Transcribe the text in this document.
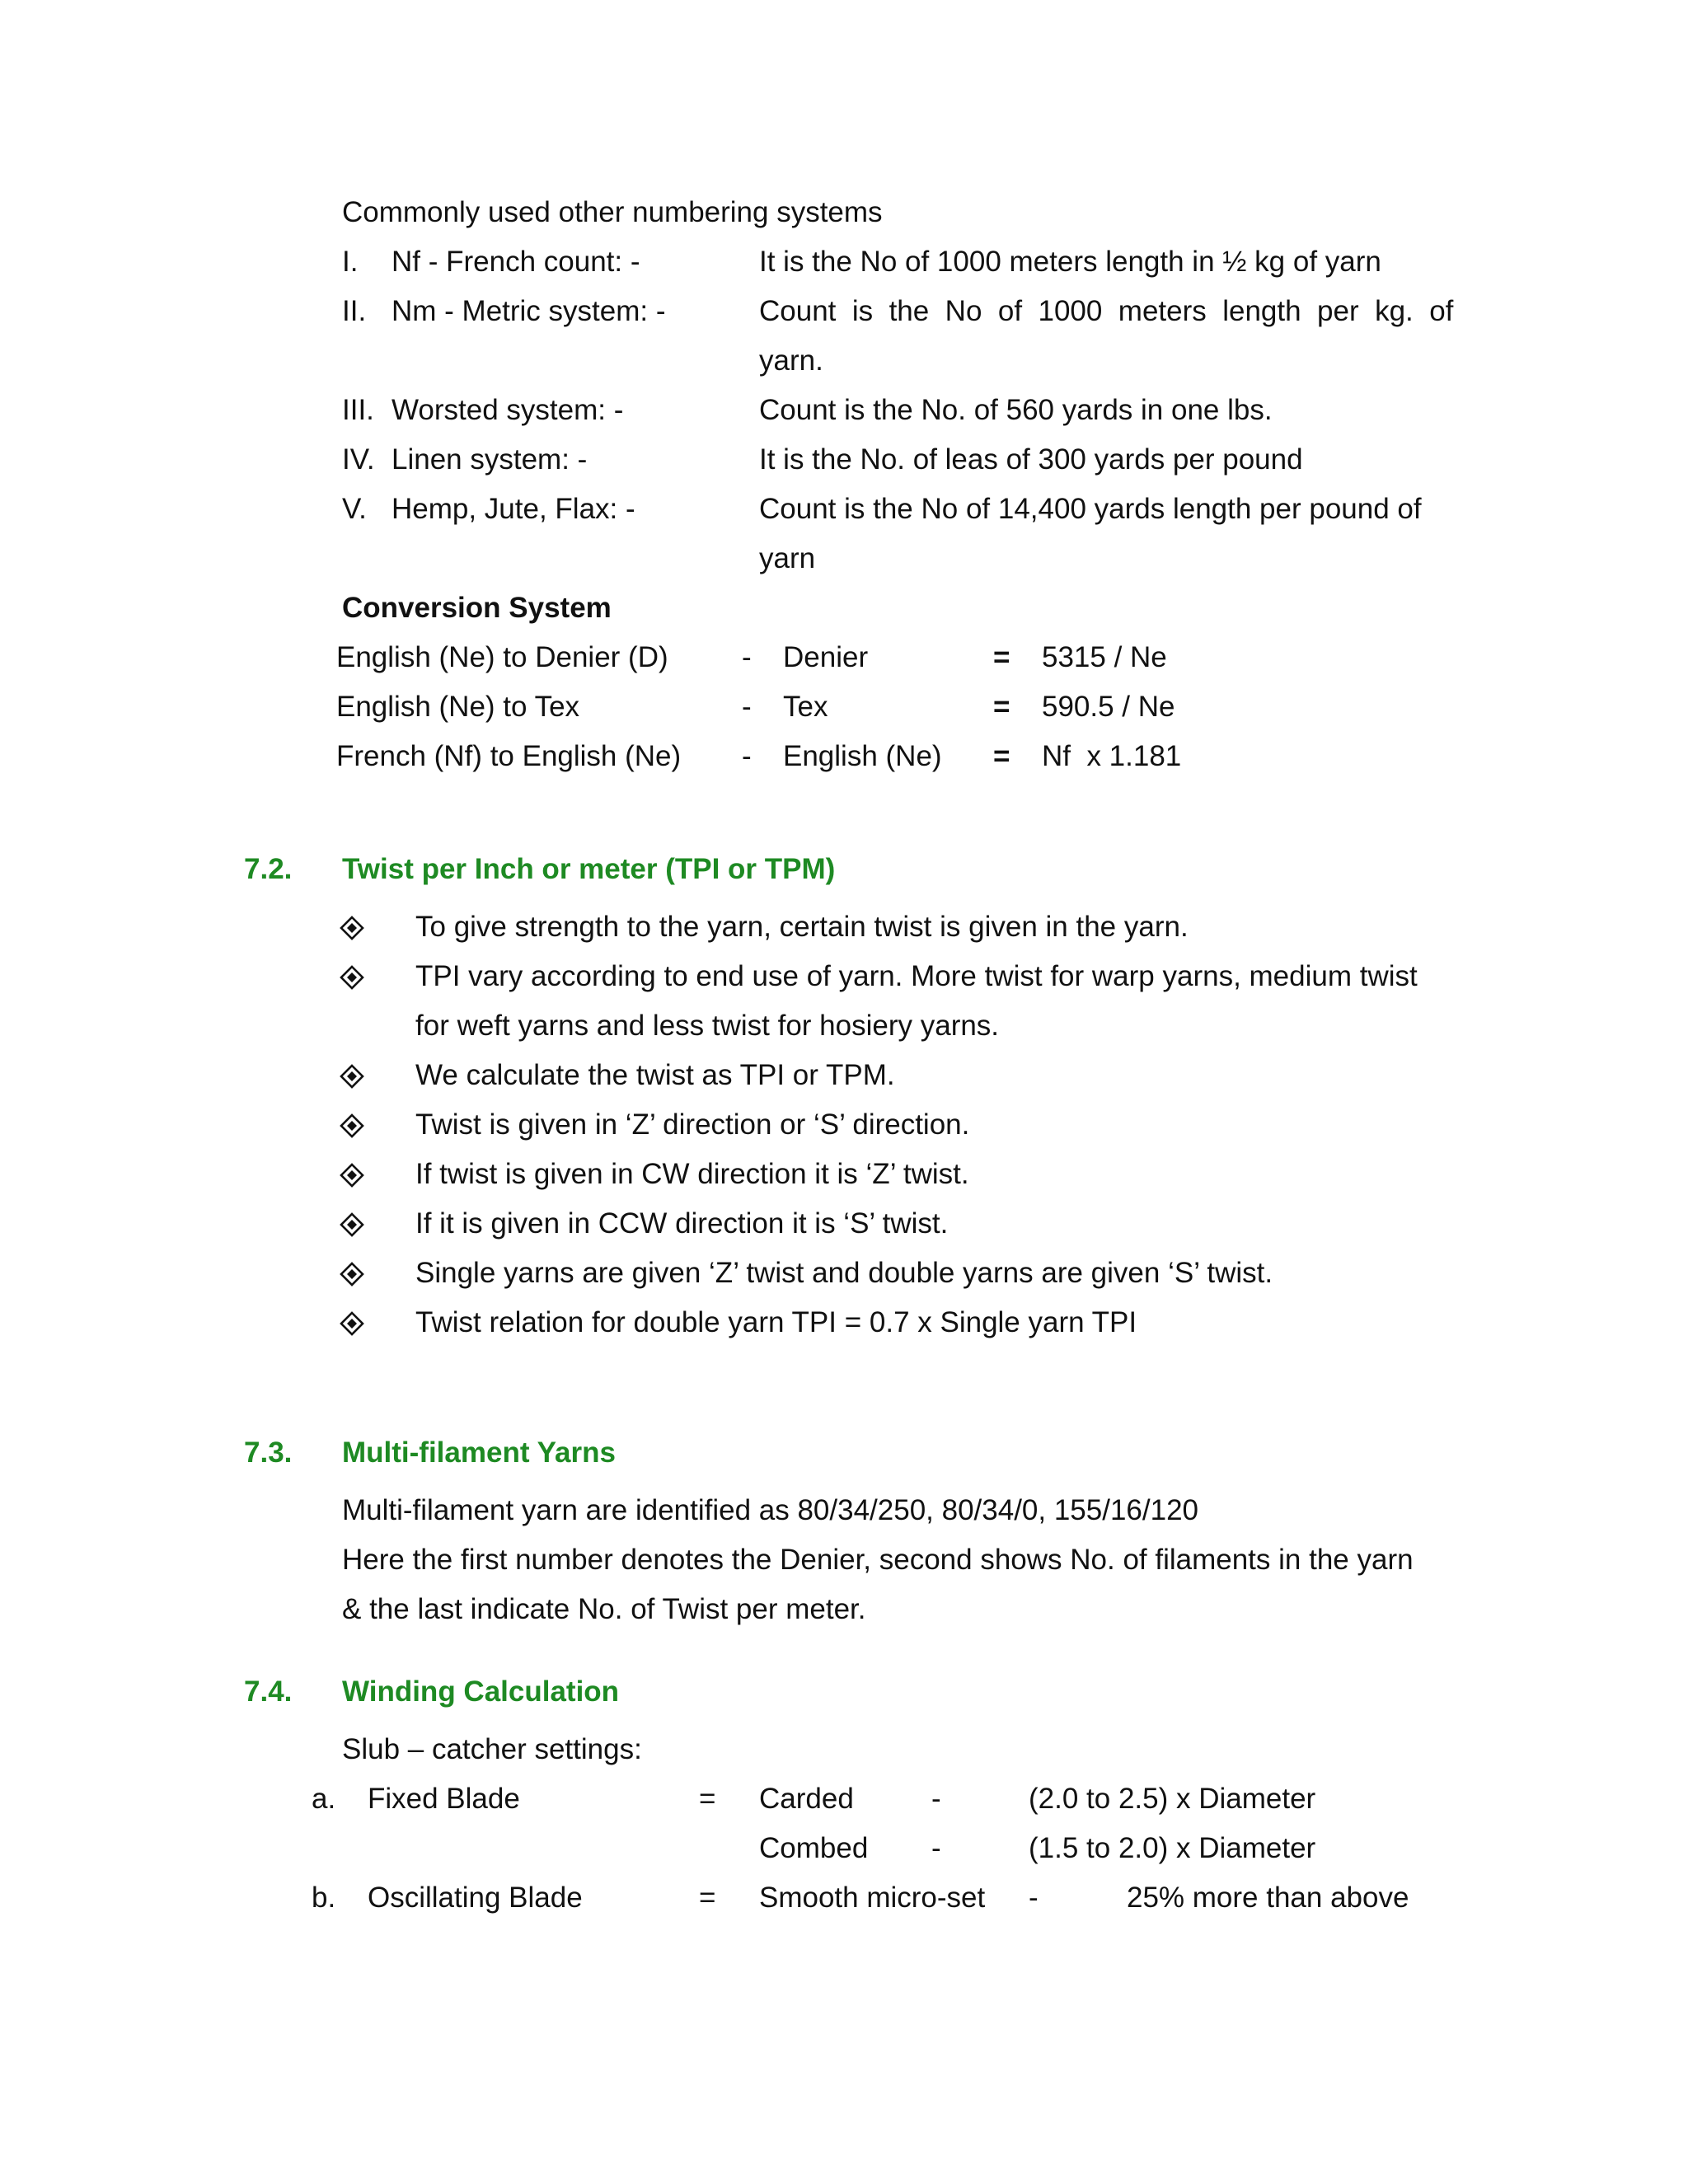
Commonly used other numbering systems
I. Nf - French count: -	It is the No of 1000 meters length in ½ kg of yarn
II. Nm - Metric system: -	Count  is  the  No  of  1000  meters  length  per  kg.  of
yarn.
III. Worsted system: -	Count is the No. of 560 yards in one lbs.
IV. Linen system: -	It is the No. of leas of 300 yards per pound
V. Hemp, Jute, Flax: -	Count is the No of 14,400 yards length per pound of
yarn
Conversion System
English (Ne) to Denier (D)	- Denier	= 5315 / Ne
English (Ne) to Tex	- Tex	= 590.5 / Ne
French (Nf) to English (Ne) - English (Ne) = Nf  x 1.181
7.2. Twist per Inch or meter (TPI or TPM)
To give strength to the yarn, certain twist is given in the yarn.
TPI vary according to end use of yarn. More twist for warp yarns, medium twist
for weft yarns and less twist for hosiery yarns.
We calculate the twist as TPI or TPM.
Twist is given in ‘Z’ direction or ‘S’ direction.
If twist is given in CW direction it is ‘Z’ twist.
If it is given in CCW direction it is ‘S’ twist.
Single yarns are given ‘Z’ twist and double yarns are given ‘S’ twist.
Twist relation for double yarn TPI = 0.7 x Single yarn TPI
7.3. Multi-filament Yarns
Multi-filament yarn are identified as 80/34/250, 80/34/0, 155/16/120
Here the first number denotes the Denier, second shows No. of filaments in the yarn
& the last indicate No. of Twist per meter.
7.4. Winding Calculation
Slub – catcher settings:
a. Fixed Blade	= Carded	-	(2.0 to 2.5) x Diameter
Combed -	(1.5 to 2.0) x Diameter
b. Oscillating Blade	= Smooth micro-set -	25% more than above
